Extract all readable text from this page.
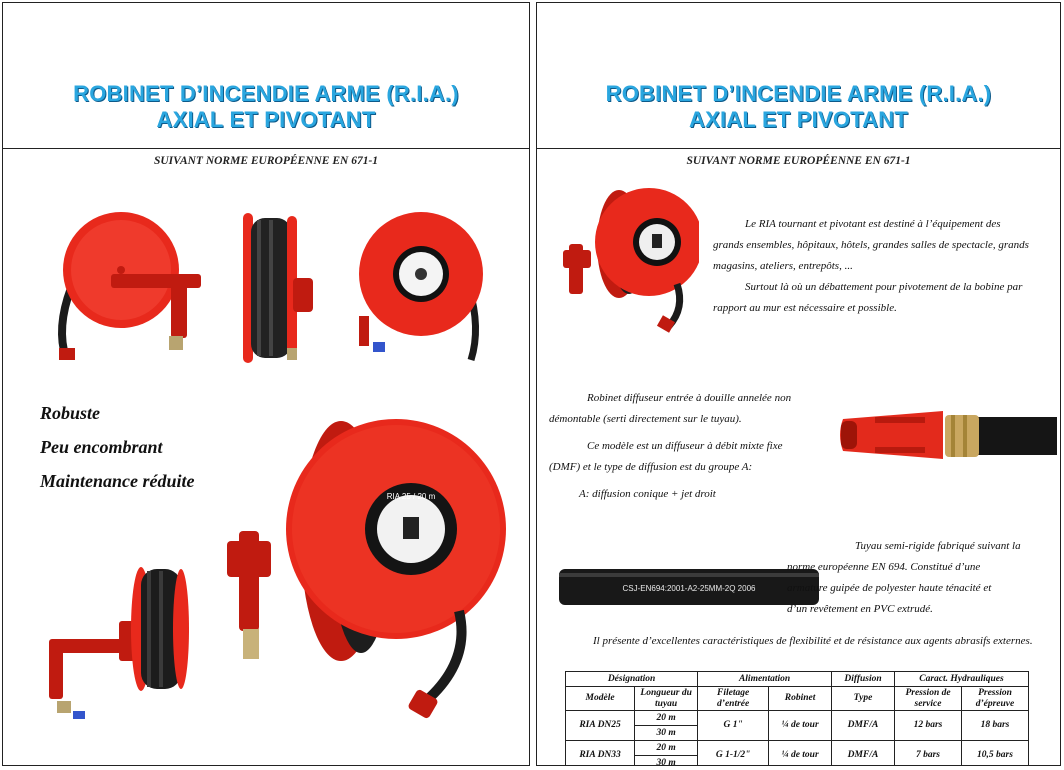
ROBINET D’INCENDIE ARME (R.I.A.)
AXIAL ET PIVOTANT
SUIVANT NORME EUROPÉENNE EN 671-1
Robuste
Peu encombrant
Maintenance réduite
RIA 25 / 20 m
ROBINET D’INCENDIE ARME (R.I.A.)
AXIAL ET PIVOTANT
SUIVANT NORME EUROPÉENNE EN 671-1
Le RIA tournant et pivotant est destiné à l’équipement des
grands ensembles, hôpitaux, hôtels, grandes salles de spectacle, grands
magasins, ateliers, entrepôts, ...
Surtout là où un débattement pour pivotement de la bobine par
rapport au mur est nécessaire et possible.
Robinet diffuseur entrée à douille annelée non
démontable (serti directement sur le tuyau).
Ce modèle est un diffuseur à débit mixte fixe
(DMF) et le type de diffusion est du groupe A:
A: diffusion conique + jet droit
CSJ-EN694:2001-A2-25MM-2Q 2006
Tuyau semi-rigide fabriqué suivant la
norme européenne EN 694. Constitué d’une
armature guipée de polyester haute ténacité et
d’un revêtement en PVC extrudé.
Il présente d’excellentes caractéristiques de flexibilité et de résistance aux agents abrasifs externes.
Désignation		Alimentation		Diffusion	Caract. Hydrauliques	
Modèle	Longueur du tuyau	Filetage d’entrée	Robinet	Type	Pression de service	Pression d’épreuve
RIA DN25	20 m	G 1"	¼ de tour	DMF/A	12 bars	18 bars
	30 m					
RIA DN33	20 m	G 1-1/2"	¼ de tour	DMF/A	7 bars	10,5 bars
	30 m					
